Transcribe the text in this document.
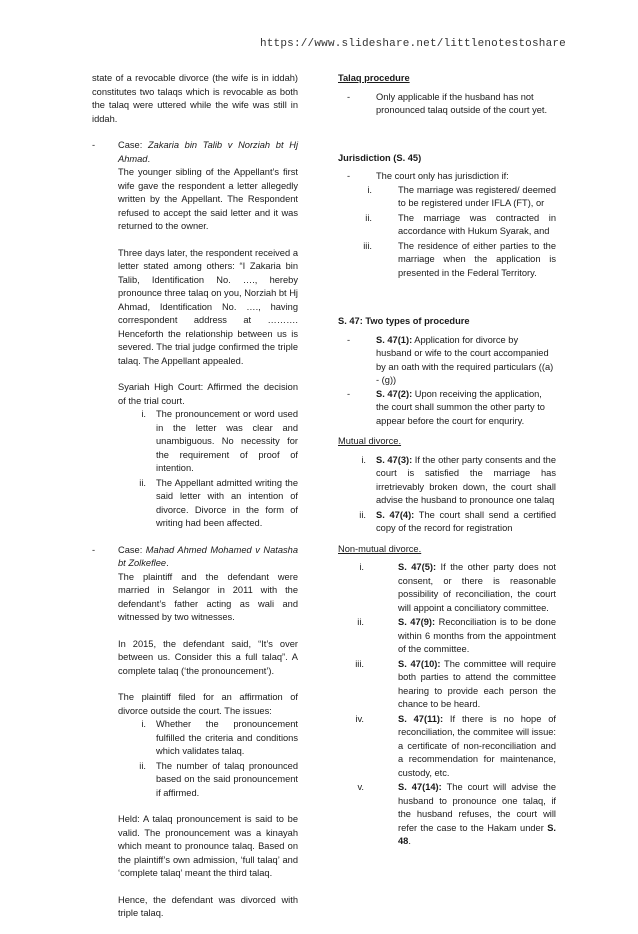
https://www.slideshare.net/littlenotestoshare

state of a revocable divorce (the wife is in iddah) constitutes two talaqs which is revocable as both the talaq were uttered while the wife was still in iddah.

- Case: Zakaria bin Talib v Norziah bt Hj Ahmad.

The younger sibling of the Appellant’s first wife gave the respondent a letter allegedly written by the Appellant. The Respondent refused to accept the said letter and it was returned to the owner.

Three days later, the respondent received a letter stated among others: “I Zakaria bin Talib, Identification No. …., hereby pronounce three talaq on you, Norziah bt Hj Ahmad, Identification No. …., having correspondent address at ………. Henceforth the relationship between us is severed. The trial judge confirmed the triple talaq. The Appellant appealed.

Syariah High Court: Affirmed the decision of the trial court.

i. The pronouncement or word used in the letter was clear and unambiguous. No necessity for the requirement of proof of intention.
ii. The Appellant admitted writing the said letter with an intention of divorce. Divorce in the form of writing had been affected.
- Case: Mahad Ahmed Mohamed v Natasha bt Zolkeflee.

The plaintiff and the defendant were married in Selangor in 2011 with the defendant’s father acting as wali and witnessed by two witnesses.

In 2015, the defendant said, “It’s over between us. Consider this a full talaq”. A complete talaq (‘the pronouncement’).

The plaintiff filed for an affirmation of divorce outside the court. The issues:

i. Whether the pronouncement fulfilled the criteria and conditions which validates talaq.
ii. The number of talaq pronounced based on the said pronouncement if affirmed.

Held: A talaq pronouncement is said to be valid. The pronouncement was a kinayah which meant to pronounce talaq. Based on the plaintiff’s own admission, ‘full talaq’ and ‘complete talaq’ meant the third talaq.

Hence, the defendant was divorced with triple talaq.

Talaq procedure
-	Only applicable if the husband has not pronounced talaq outside of the court yet.
Jurisdiction (S. 45)
-	The court only has jurisdiction if:
i.	The marriage was registered/ deemed to be registered under IFLA (FT), or
ii.	The marriage was contracted in accordance with Hukum Syarak, and
iii.	The residence of either parties to the marriage when the application is presented in the Federal Territory.
S. 47: Two types of procedure
-	S. 47(1): Application for divorce by husband or wife to the court accompanied by an oath with the required particulars ((a) - (g))
-	S. 47(2): Upon receiving the application, the court shall summon the other party to appear before the court for enquriry.
Mutual divorce.
i. S. 47(3): If the other party consents and the court is satisfied the marriage has irretrievably broken down, the court shall advise the husband to pronounce one talaq
ii. S. 47(4): The court shall send a certified copy of the record for registration
Non-mutual divorce.
i.	S. 47(5): If the other party does not consent, or there is reasonable possibility of reconciliation, the court will appoint a conciliatory committee.
ii.	S. 47(9): Reconciliation is to be done within 6 months from the appointment of the committee.
iii.	S. 47(10): The committee will require both parties to attend the committee hearing to provide each person the chance to be heard.
iv.	S. 47(11): If there is no hope of reconciliation, the commitee will issue: a certificate of non-reconciliation and a recommendation for maintenance, custody, etc.
v.	S. 47(14): The court will advise the husband to pronounce one talaq, if the husband refuses, the court will refer the case to the Hakam under S. 48.
